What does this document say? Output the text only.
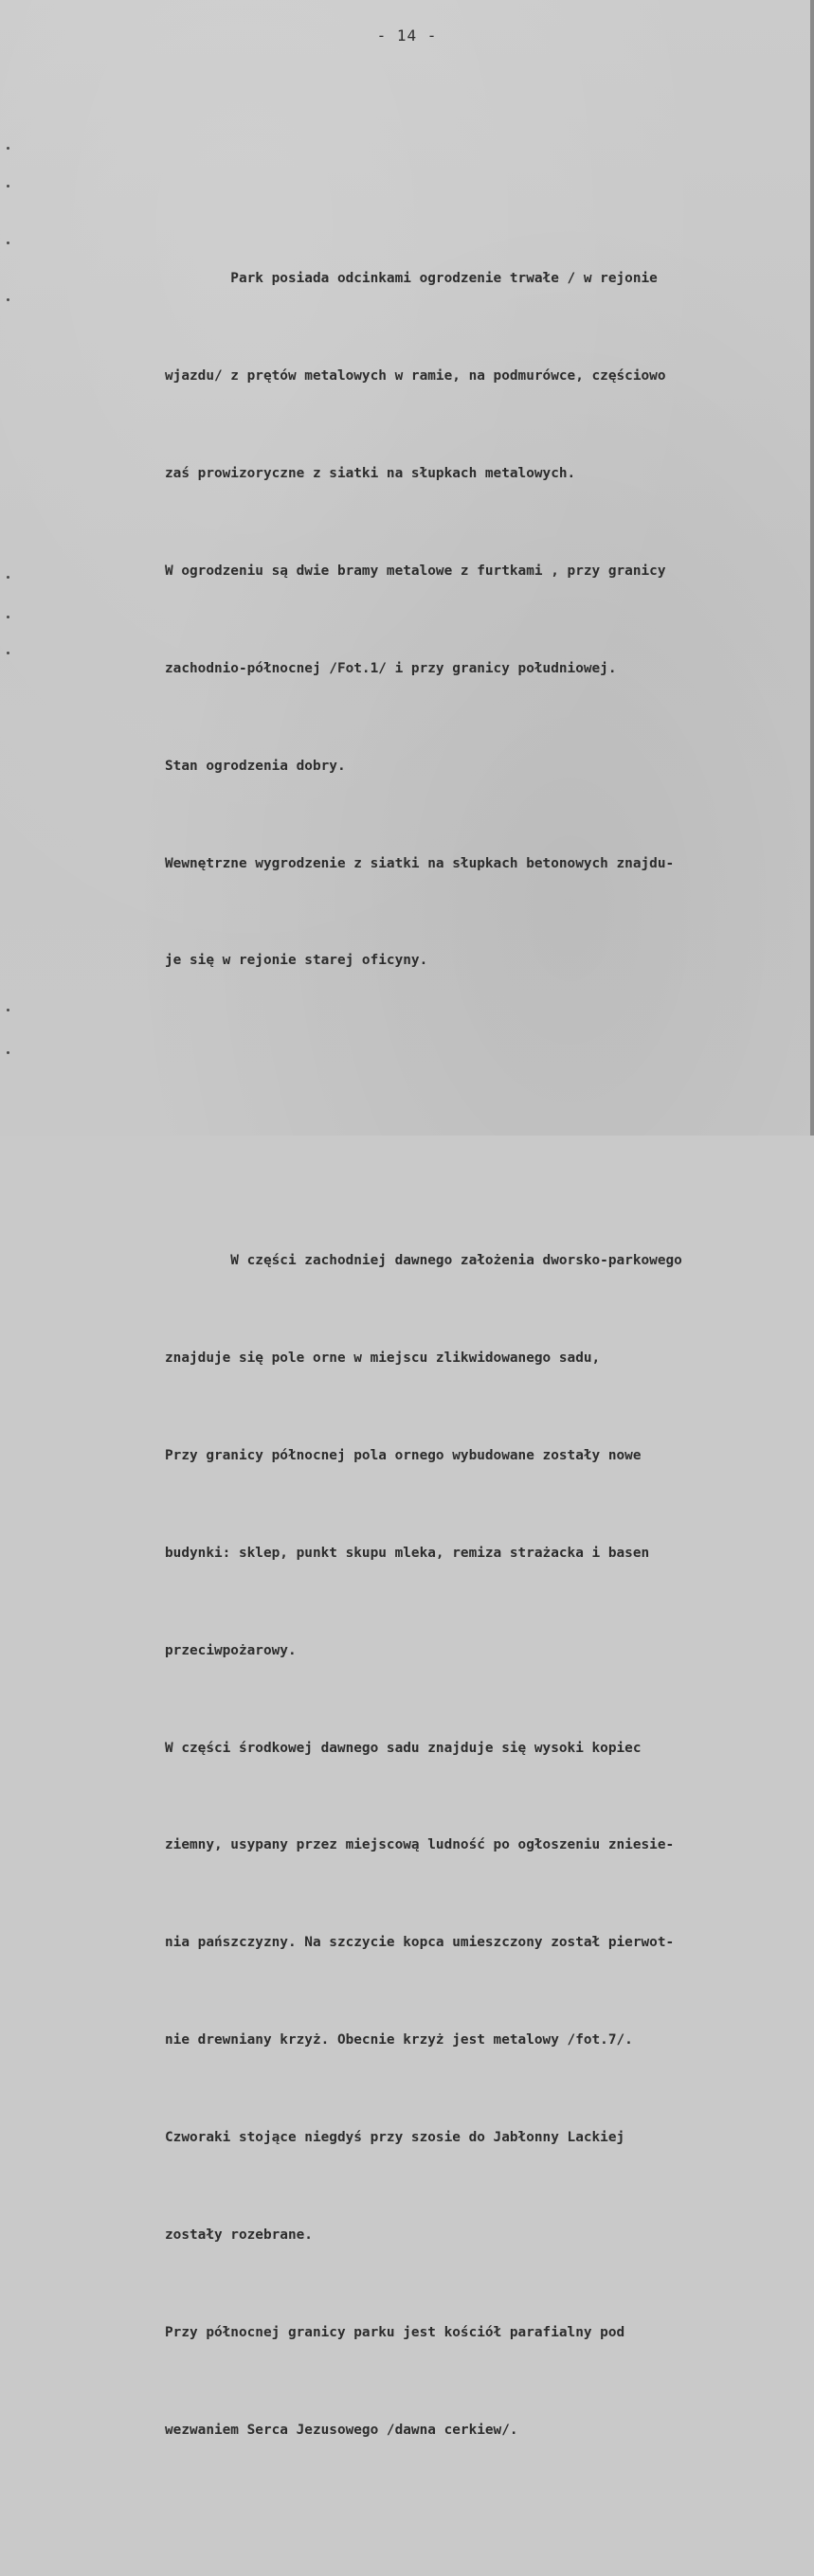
- 14 -

Park posiada odcinkami ogrodzenie trwałe / w rejonie

wjazdu/ z prętów metalowych w ramie, na podmurówce, częściowo

zaś prowizoryczne z siatki na słupkach metalowych.

W ogrodzeniu są dwie bramy metalowe z furtkami , przy granicy

zachodnio-północnej /Fot.1/ i przy granicy południowej.

Stan ogrodzenia dobry.

Wewnętrzne wygrodzenie z siatki na słupkach betonowych znajdu-

je się w rejonie starej oficyny.

W części zachodniej dawnego założenia dworsko-parkowego

znajduje się pole orne w miejscu zlikwidowanego sadu,

Przy granicy północnej pola ornego wybudowane zostały nowe

budynki: sklep, punkt skupu mleka, remiza strażacka i basen

przeciwpożarowy.

W części środkowej dawnego sadu znajduje się wysoki kopiec

ziemny, usypany przez miejscową ludność po ogłoszeniu zniesie-

nia pańszczyzny. Na szczycie kopca umieszczony został pierwot-

nie drewniany krzyż. Obecnie krzyż jest metalowy /fot.7/.

Czworaki stojące niegdyś przy szosie do Jabłonny Lackiej

zostały rozebrane.

Przy północnej granicy parku jest kościół parafialny pod

wezwaniem Serca Jezusowego /dawna cerkiew/.
